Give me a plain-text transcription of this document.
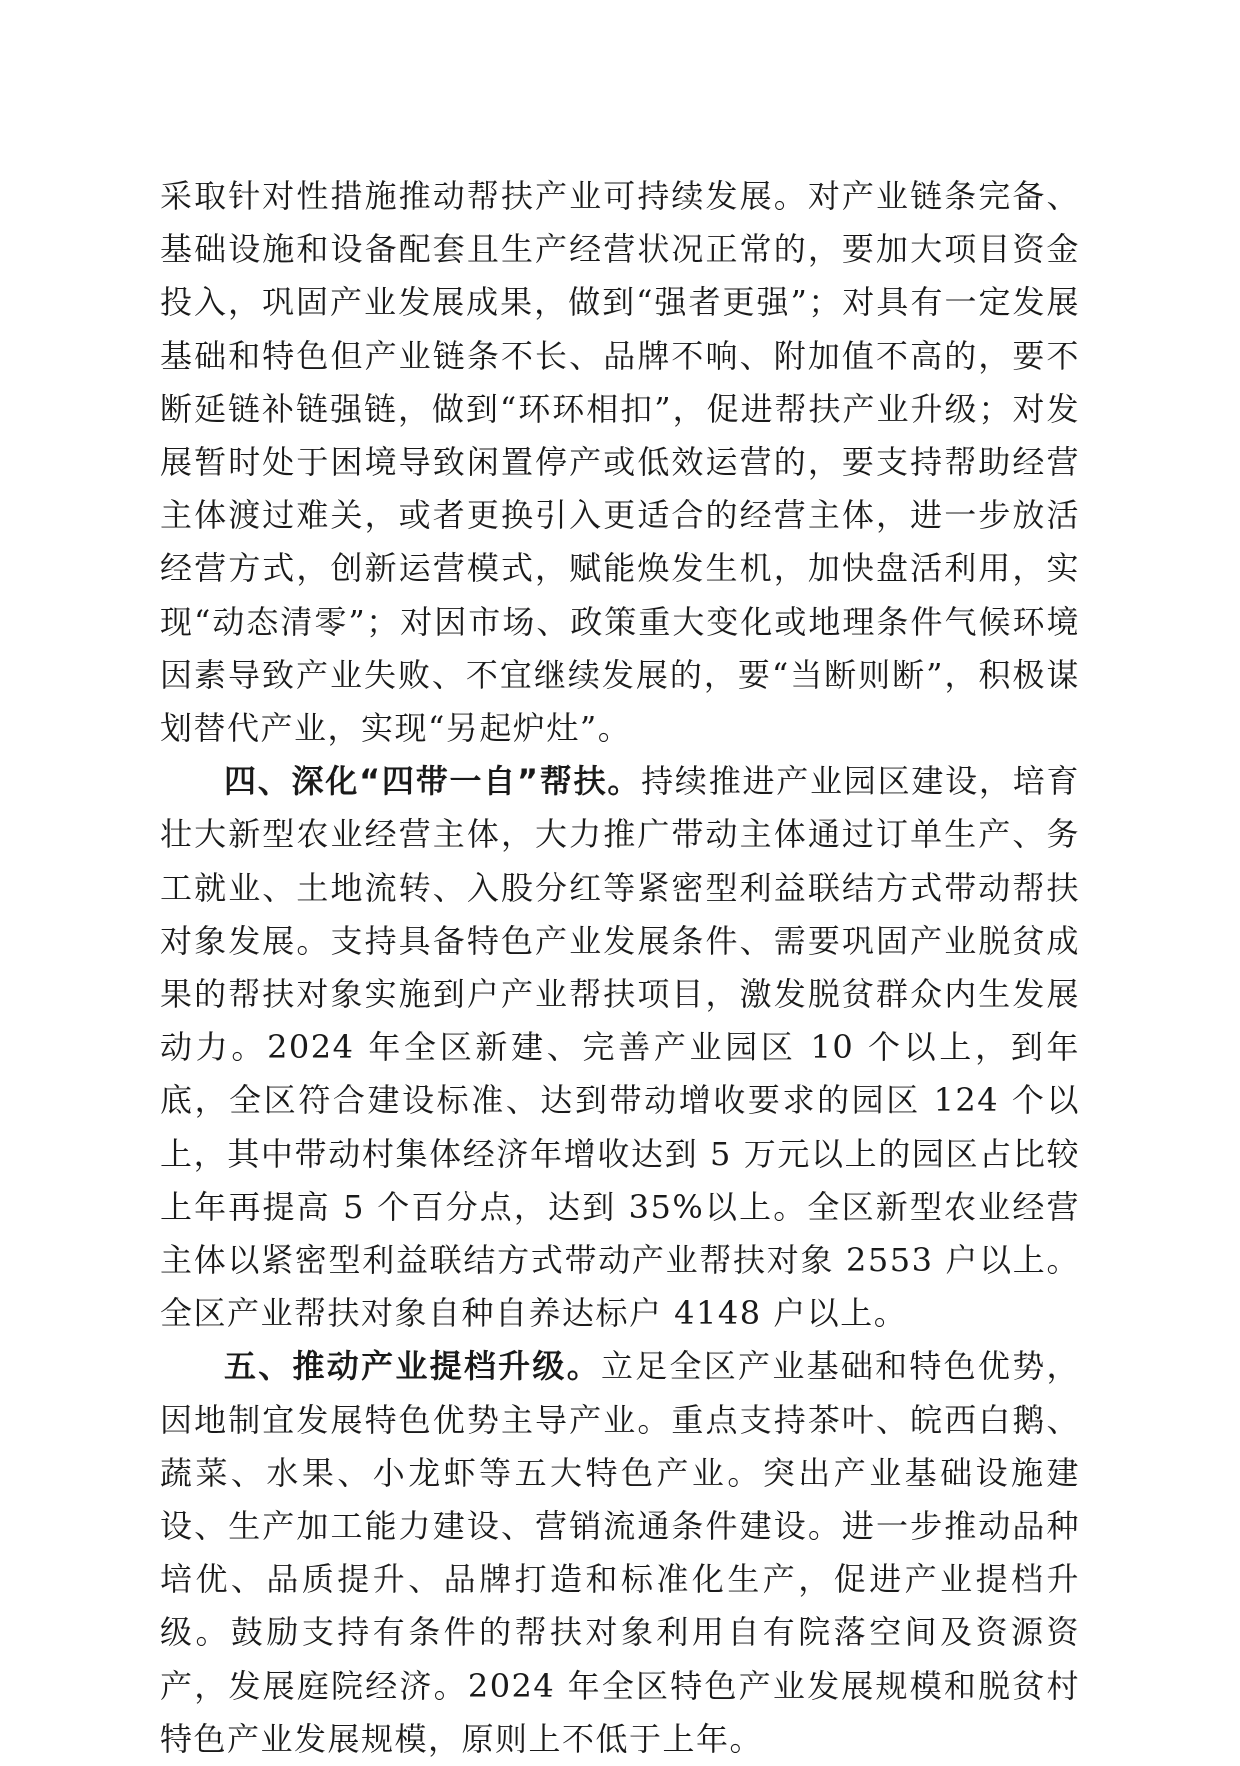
采取针对性措施推动帮扶产业可持续发展。对产业链条完备、基础设施和设备配套且生产经营状况正常的，要加大项目资金投入，巩固产业发展成果，做到“强者更强”；对具有一定发展基础和特色但产业链条不长、品牌不响、附加值不高的，要不断延链补链强链，做到“环环相扣”，促进帮扶产业升级；对发展暂时处于困境导致闲置停产或低效运营的，要支持帮助经营主体渡过难关，或者更换引入更适合的经营主体，进一步放活经营方式，创新运营模式，赋能焕发生机，加快盘活利用，实现“动态清零”；对因市场、政策重大变化或地理条件气候环境因素导致产业失败、不宜继续发展的，要“当断则断”，积极谋划替代产业，实现“另起炉灶”。

四、深化“四带一自”帮扶。持续推进产业园区建设，培育壮大新型农业经营主体，大力推广带动主体通过订单生产、务工就业、土地流转、入股分红等紧密型利益联结方式带动帮扶对象发展。支持具备特色产业发展条件、需要巩固产业脱贫成果的帮扶对象实施到户产业帮扶项目，激发脱贫群众内生发展动力。2024 年全区新建、完善产业园区 10 个以上，到年底，全区符合建设标准、达到带动增收要求的园区 124 个以上，其中带动村集体经济年增收达到 5 万元以上的园区占比较上年再提高 5 个百分点，达到 35%以上。全区新型农业经营主体以紧密型利益联结方式带动产业帮扶对象 2553 户以上。全区产业帮扶对象自种自养达标户 4148 户以上。

五、推动产业提档升级。立足全区产业基础和特色优势，因地制宜发展特色优势主导产业。重点支持茶叶、皖西白鹅、蔬菜、水果、小龙虾等五大特色产业。突出产业基础设施建设、生产加工能力建设、营销流通条件建设。进一步推动品种培优、品质提升、品牌打造和标准化生产，促进产业提档升级。鼓励支持有条件的帮扶对象利用自有院落空间及资源资产，发展庭院经济。2024 年全区特色产业发展规模和脱贫村特色产业发展规模，原则上不低于上年。
